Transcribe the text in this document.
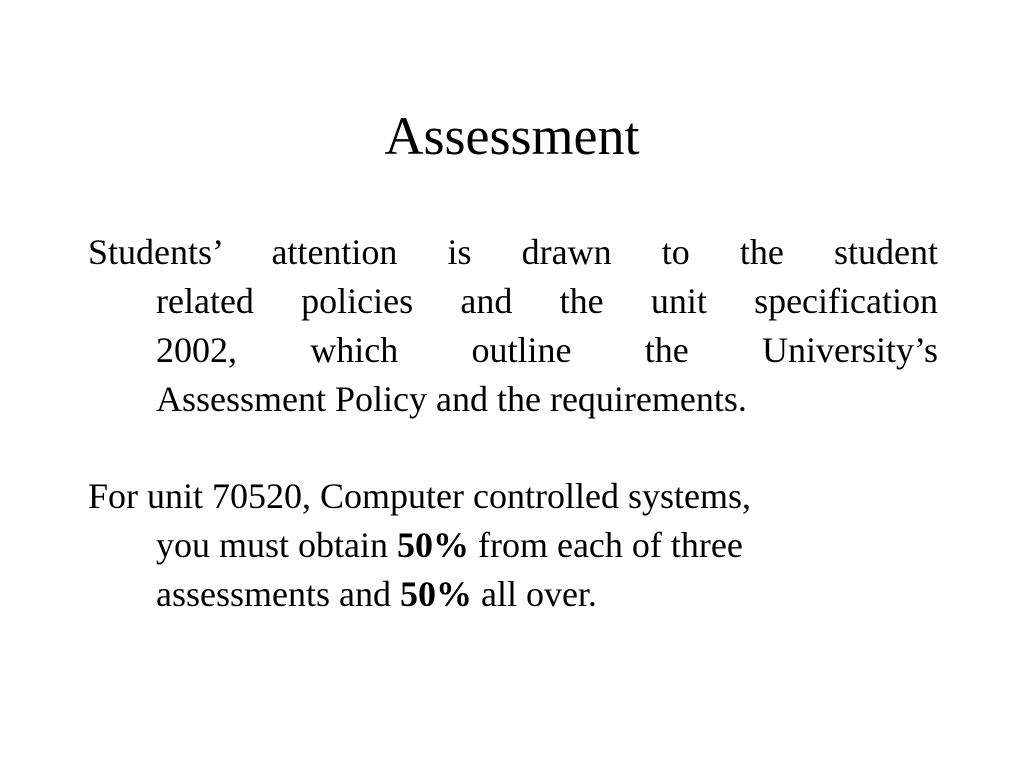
Assessment
Students’ attention is drawn to the student
related policies and the unit specification
2002, which outline the University’s
Assessment Policy and the requirements.
For unit 70520, Computer controlled systems,
you must obtain 50% from each of three
assessments and 50% all over.
